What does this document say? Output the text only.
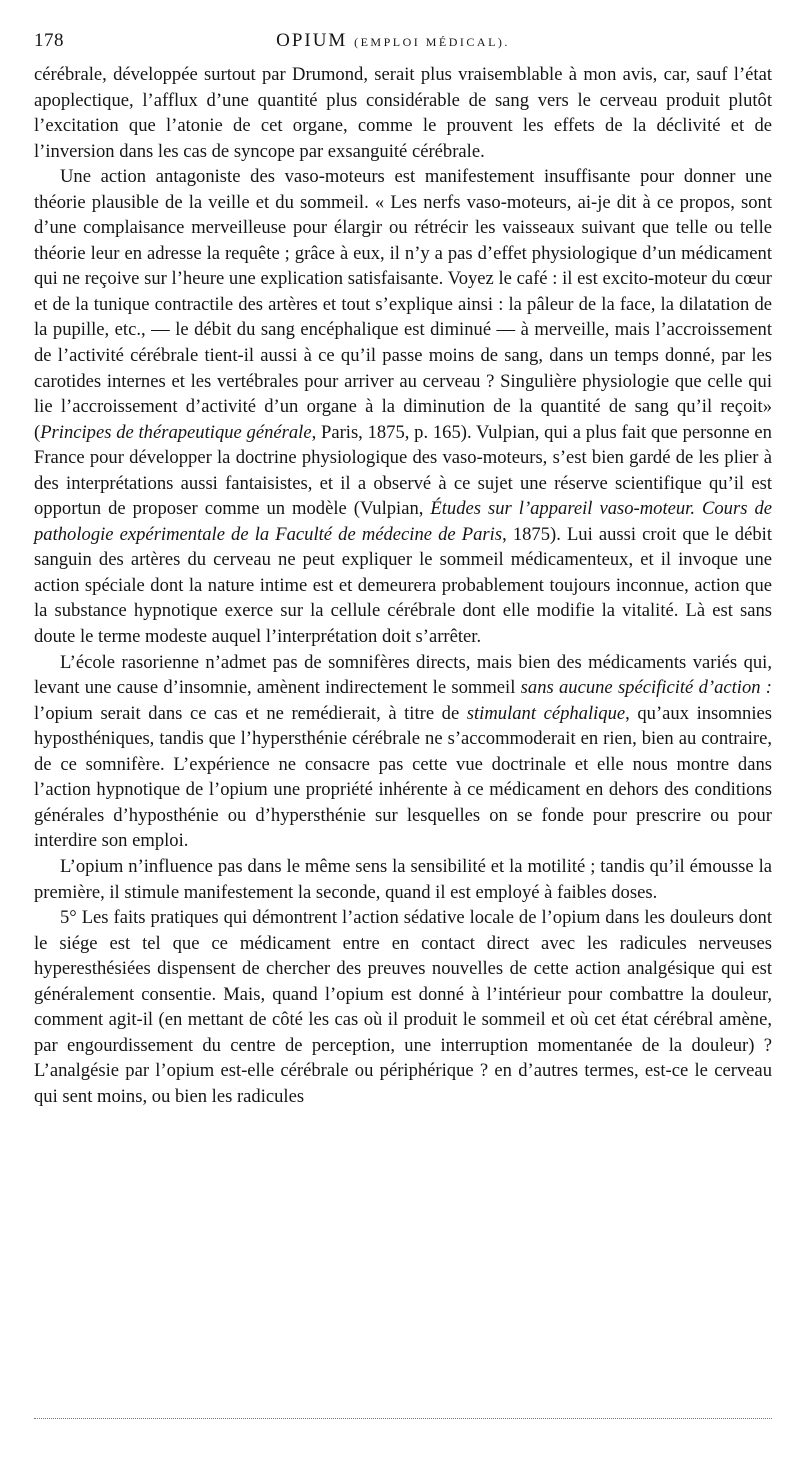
178	OPIUM (EMPLOI MÉDICAL).

cérébrale, développée surtout par Drumond, serait plus vraisemblable à mon avis, car, sauf l’état apoplectique, l’afflux d’une quantité plus considérable de sang vers le cerveau produit plutôt l’excitation que l’atonie de cet organe, comme le prouvent les effets de la déclivité et de l’inversion dans les cas de syncope par exsanguité cérébrale.

Une action antagoniste des vaso-moteurs est manifestement insuffisante pour donner une théorie plausible de la veille et du sommeil. « Les nerfs vaso-moteurs, ai-je dit à ce propos, sont d’une complaisance merveilleuse pour élargir ou rétrécir les vaisseaux suivant que telle ou telle théorie leur en adresse la requête ; grâce à eux, il n’y a pas d’effet physiologique d’un médicament qui ne reçoive sur l’heure une explication satisfaisante. Voyez le café : il est excito-moteur du cœur et de la tunique contractile des artères et tout s’explique ainsi : la pâleur de la face, la dilatation de la pupille, etc., — le débit du sang encéphalique est diminué — à merveille, mais l’accroissement de l’activité cérébrale tient-il aussi à ce qu’il passe moins de sang, dans un temps donné, par les carotides internes et les vertébrales pour arriver au cerveau ? Singulière physiologie que celle qui lie l’accroissement d’activité d’un organe à la diminution de la quantité de sang qu’il reçoit» (Principes de thérapeutique générale, Paris, 1875, p. 165). Vulpian, qui a plus fait que personne en France pour développer la doctrine physiologique des vaso-moteurs, s’est bien gardé de les plier à des interprétations aussi fantaisistes, et il a observé à ce sujet une réserve scientifique qu’il est opportun de proposer comme un modèle (Vulpian, Études sur l’appareil vaso-moteur. Cours de pathologie expérimentale de la Faculté de médecine de Paris, 1875). Lui aussi croit que le débit sanguin des artères du cerveau ne peut expliquer le sommeil médicamenteux, et il invoque une action spéciale dont la nature intime est et demeurera probablement toujours inconnue, action que la substance hypnotique exerce sur la cellule cérébrale dont elle modifie la vitalité. Là est sans doute le terme modeste auquel l’interprétation doit s’arrêter.

L’école rasorienne n’admet pas de somnifères directs, mais bien des médicaments variés qui, levant une cause d’insomnie, amènent indirectement le sommeil sans aucune spécificité d’action : l’opium serait dans ce cas et ne remédierait, à titre de stimulant céphalique, qu’aux insomnies hyposthéniques, tandis que l’hypersthénie cérébrale ne s’accommoderait en rien, bien au contraire, de ce somnifère. L’expérience ne consacre pas cette vue doctrinale et elle nous montre dans l’action hypnotique de l’opium une propriété inhérente à ce médicament en dehors des conditions générales d’hyposthénie ou d’hypersthénie sur lesquelles on se fonde pour prescrire ou pour interdire son emploi.

L’opium n’influence pas dans le même sens la sensibilité et la motilité ; tandis qu’il émousse la première, il stimule manifestement la seconde, quand il est employé à faibles doses.

5° Les faits pratiques qui démontrent l’action sédative locale de l’opium dans les douleurs dont le siége est tel que ce médicament entre en contact direct avec les radicules nerveuses hyperesthésiées dispensent de chercher des preuves nouvelles de cette action analgésique qui est généralement consentie. Mais, quand l’opium est donné à l’intérieur pour combattre la douleur, comment agit-il (en mettant de côté les cas où il produit le sommeil et où cet état cérébral amène, par engourdissement du centre de perception, une interruption momentanée de la douleur) ? L’analgésie par l’opium est-elle cérébrale ou périphérique ? en d’autres termes, est-ce le cerveau qui sent moins, ou bien les radicules
